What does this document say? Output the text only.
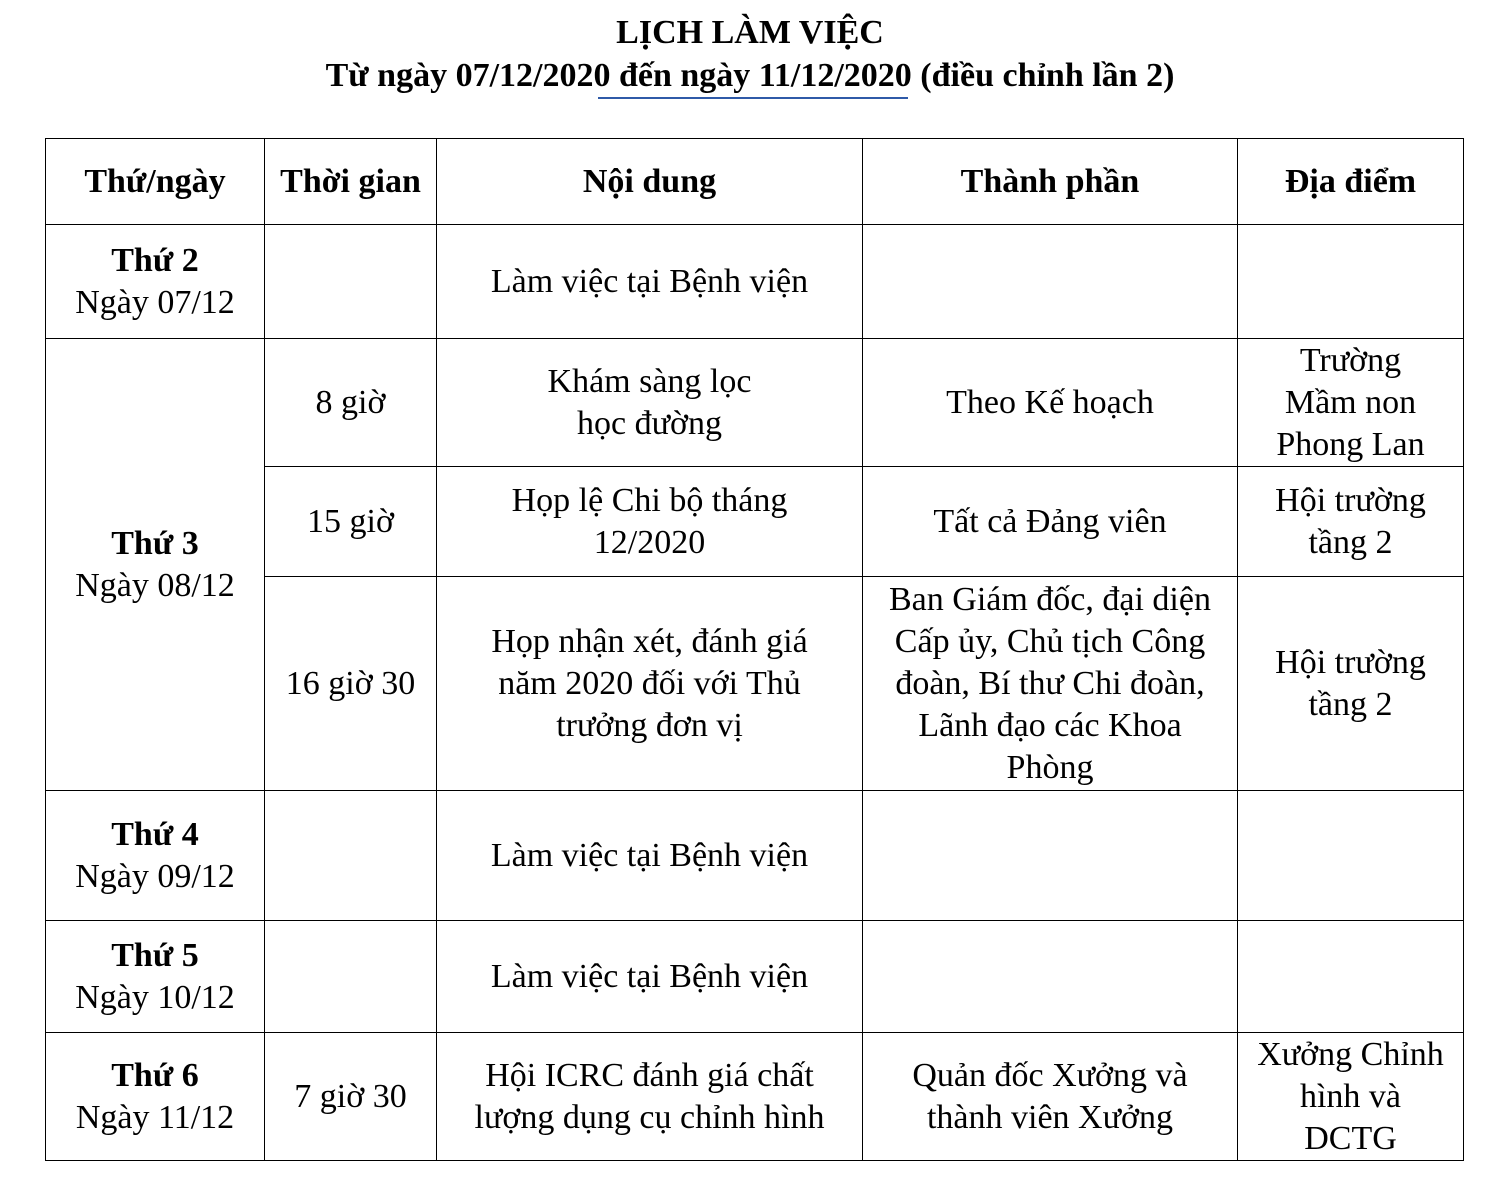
LỊCH LÀM VIỆC
Từ ngày 07/12/2020 đến ngày 11/12/2020 (điều chỉnh lần 2)
Thứ/ngày	Thời gian	Nội dung	Thành phần	Địa điểm

Thứ 2
Ngày 07/12		Làm việc tại Bệnh viện		

Thứ 3
Ngày 08/12	8 giờ	Khám sàng lọc học đường	Theo Kế hoạch	Trường Mầm non Phong Lan
	15 giờ	Họp lệ Chi bộ tháng 12/2020	Tất cả Đảng viên	Hội trường tầng 2
	16 giờ 30	Họp nhận xét, đánh giá năm 2020 đối với Thủ trưởng đơn vị	Ban Giám đốc, đại diện Cấp ủy, Chủ tịch Công đoàn, Bí thư Chi đoàn, Lãnh đạo các Khoa Phòng	Hội trường tầng 2

Thứ 4
Ngày 09/12		Làm việc tại Bệnh viện		

Thứ 5
Ngày 10/12		Làm việc tại Bệnh viện		

Thứ 6
Ngày 11/12	7 giờ 30	Hội ICRC đánh giá chất lượng dụng cụ chỉnh hình	Quản đốc Xưởng và thành viên Xưởng	Xưởng Chỉnh hình và DCTG
